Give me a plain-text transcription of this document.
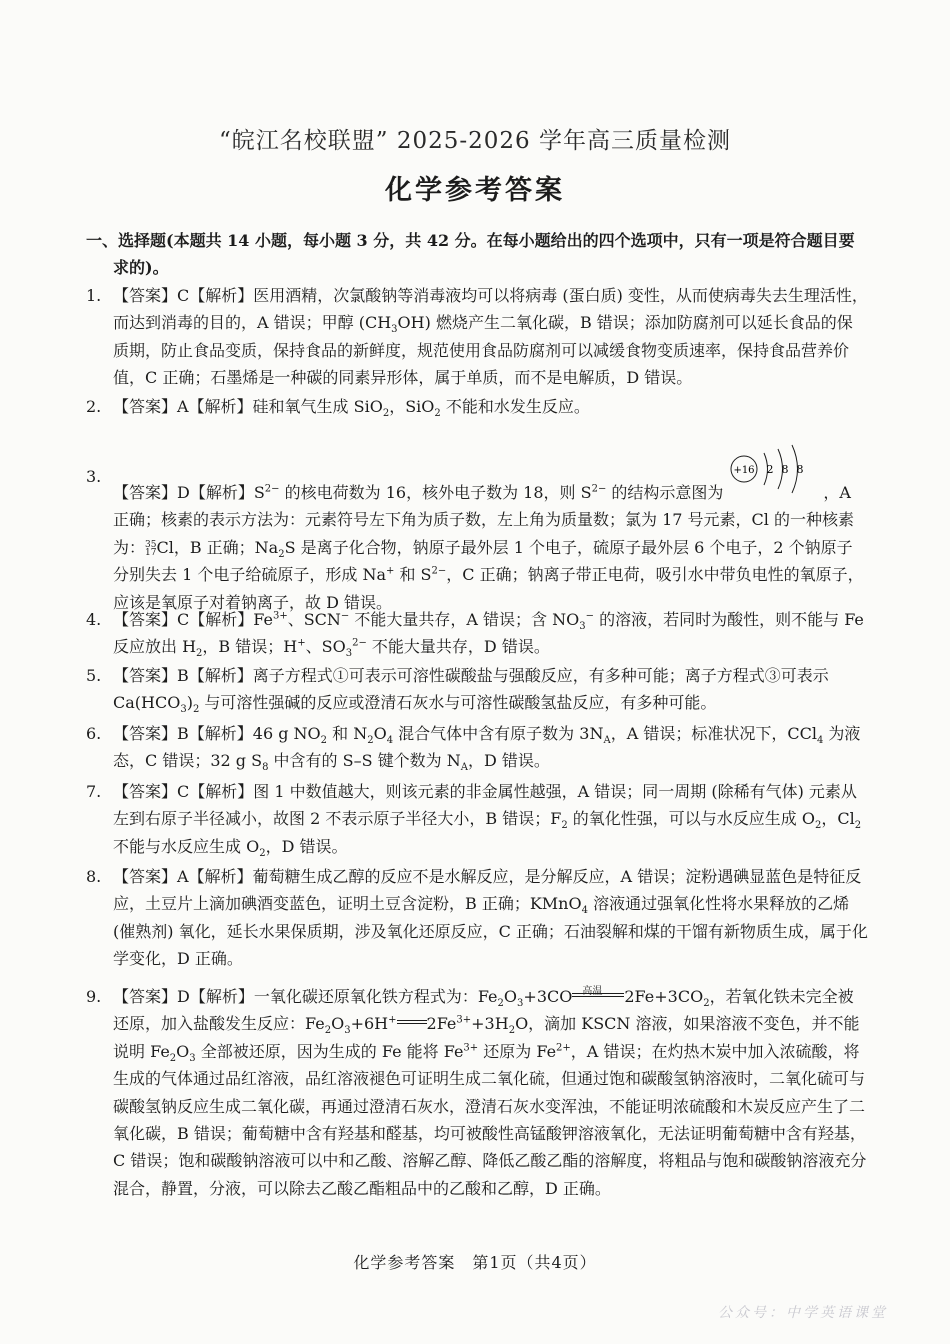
“皖江名校联盟” 2025-2026 学年高三质量检测
化学参考答案
一、选择题(本题共 14 小题，每小题 3 分，共 42 分。在每小题给出的四个选项中，只有一项是符合题目要
求的)。
1. 【答案】C【解析】医用酒精，次氯酸钠等消毒液均可以将病毒 (蛋白质) 变性，从而使病毒失去生理活性，而达到消毒的目的，A 错误；甲醇 $(CH_3OH)$ 燃烧产生二氧化碳，B 错误；添加防腐剂可以延长食品的保质期，防止食品变质，保持食品的新鲜度，规范使用食品防腐剂可以减缓食物变质速率，保持食品营养价值，C 正确；石墨烯是一种碳的同素异形体，属于单质，而不是电解质，D 错误。
2. 【答案】A【解析】硅和氧气生成 SiO$_2$，SiO$_2$ 不能和水发生反应。
3.
【答案】D【解析】$S^{2-}$ 的核电荷数为 16，核外电子数为 18，则 $S^{2-}$ 的结构示意图为
+16 2 8 8
，A 正确；核素的表示方法为：元素符号左下角为质子数，左上角为质量数；氯为 17 号元素，Cl 的一种核素为：35
17Cl，B 正确；$Na_2S$ 是离子化合物，钠原子最外层 1 个电子，硫原子最外层 6 个电子，2 个钠原子分别失去 1 个电子给硫原子，形成 Na+ 和 $S^{2-}$，C 正确；钠离子带正电荷，吸引水中带负电性的氧原子，应该是氧原子对着钠离子，故 D 错误。
4. 【答案】C【解析】$Fe^{3+}$、SCN− 不能大量共存，A 错误；含 $NO_3^-$ 的溶液，若同时为酸性，则不能与 Fe 反应放出 $H_2$，B 错误；H+、$SO_3^{2-}$ 不能大量共存，D 错误。
5. 【答案】B【解析】离子方程式①可表示可溶性碳酸盐与强酸反应，有多种可能；离子方程式③可表示 $Ca(HCO_3)_2$ 与可溶性强碱的反应或澄清石灰水与可溶性碳酸氢盐反应，有多种可能。
6. 【答案】B【解析】46 g $NO_2$ 和 $N_2O_4$ 混合气体中含有原子数为 $3N_A$，A 错误；标准状况下，CCl$_4$ 为液态，C 错误；32 g $S_8$ 中含有的 S–S 键个数为 $N_A$，D 错误。
7. 【答案】C【解析】图 1 中数值越大，则该元素的非金属性越强，A 错误；同一周期 (除稀有气体) 元素从左到右原子半径减小，故图 2 不表示原子半径大小，B 错误；$F_2$ 的氧化性强，可以与水反应生成 $O_2$，$Cl_2$ 不能与水反应生成 $O_2$，D 错误。
8. 【答案】A【解析】葡萄糖生成乙醇的反应不是水解反应，是分解反应，A 错误；淀粉遇碘显蓝色是特征反应，土豆片上滴加碘酒变蓝色，证明土豆含淀粉，B 正确；KMnO$_4$ 溶液通过强氧化性将水果释放的乙烯 (催熟剂) 氧化，延长水果保质期，涉及氧化还原反应，C 正确；石油裂解和煤的干馏有新物质生成，属于化学变化，D 正确。
9. 【答案】D【解析】一氧化碳还原氧化铁方程式为：$Fe_2O_3+3CO$ 高温 $2Fe+3CO_2$，若氧化铁未完全被还原，加入盐酸发生反应：$Fe_2O_3+6H^+$ $2Fe^{3+}+3H_2O$，滴加 KSCN 溶液，如果溶液不变色，并不能说明 $Fe_2O_3$ 全部被还原，因为生成的 Fe 能将 $Fe^{3+}$ 还原为 $Fe^{2+}$，A 错误；在灼热木炭中加入浓硫酸，将生成的气体通过品红溶液，品红溶液褪色可证明生成二氧化硫，但通过饱和碳酸氢钠溶液时，二氧化硫可与碳酸氢钠反应生成二氧化碳，再通过澄清石灰水，澄清石灰水变浑浊，不能证明浓硫酸和木炭反应产生了二氧化碳，B 错误；葡萄糖中含有羟基和醛基，均可被酸性高锰酸钾溶液氧化，无法证明葡萄糖中含有羟基，C 错误；饱和碳酸钠溶液可以中和乙酸、溶解乙醇、降低乙酸乙酯的溶解度，将粗品与饱和碳酸钠溶液充分混合，静置，分液，可以除去乙酸乙酯粗品中的乙酸和乙醇，D 正确。
化学参考答案　第1页（共4页）
公众号：中学英语课堂
